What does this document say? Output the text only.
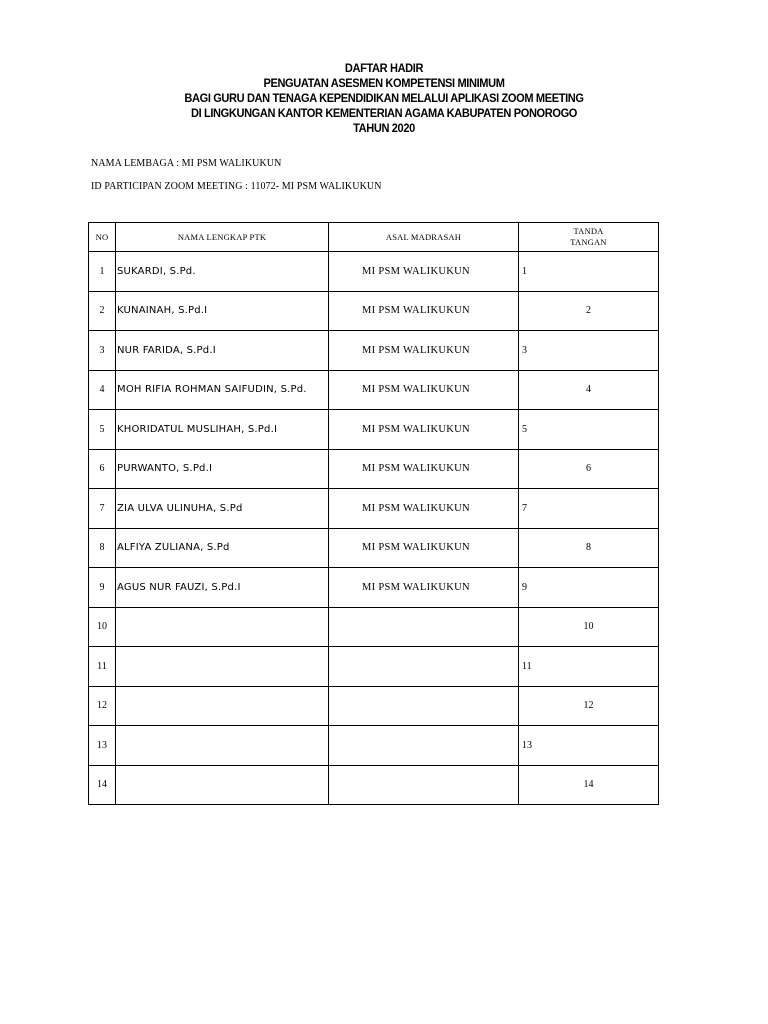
DAFTAR HADIR
PENGUATAN ASESMEN KOMPETENSI MINIMUM
BAGI GURU DAN TENAGA KEPENDIDIKAN MELALUI APLIKASI ZOOM MEETING
DI LINGKUNGAN KANTOR KEMENTERIAN AGAMA KABUPATEN PONOROGO
TAHUN 2020
NAMA LEMBAGA : MI PSM WALIKUKUN
ID PARTICIPAN ZOOM MEETING : 11072- MI PSM WALIKUKUN
NO	NAMA LENGKAP PTK	ASAL MADRASAH	TANDA
TANGAN

1	SUKARDI, S.Pd.	MI PSM WALIKUKUN	1
2	KUNAINAH, S.Pd.I	MI PSM WALIKUKUN	2
3	NUR FARIDA, S.Pd.I	MI PSM WALIKUKUN	3
4	MOH RIFIA ROHMAN SAIFUDIN, S.Pd.	MI PSM WALIKUKUN	4
5	KHORIDATUL MUSLIHAH, S.Pd.I	MI PSM WALIKUKUN	5
6	PURWANTO, S.Pd.I	MI PSM WALIKUKUN	6
7	ZIA ULVA ULINUHA, S.Pd	MI PSM WALIKUKUN	7
8	ALFIYA ZULIANA, S.Pd	MI PSM WALIKUKUN	8
9	AGUS NUR FAUZI, S.Pd.I	MI PSM WALIKUKUN	9
10			10
11			11
12			12
13			13
14			14
